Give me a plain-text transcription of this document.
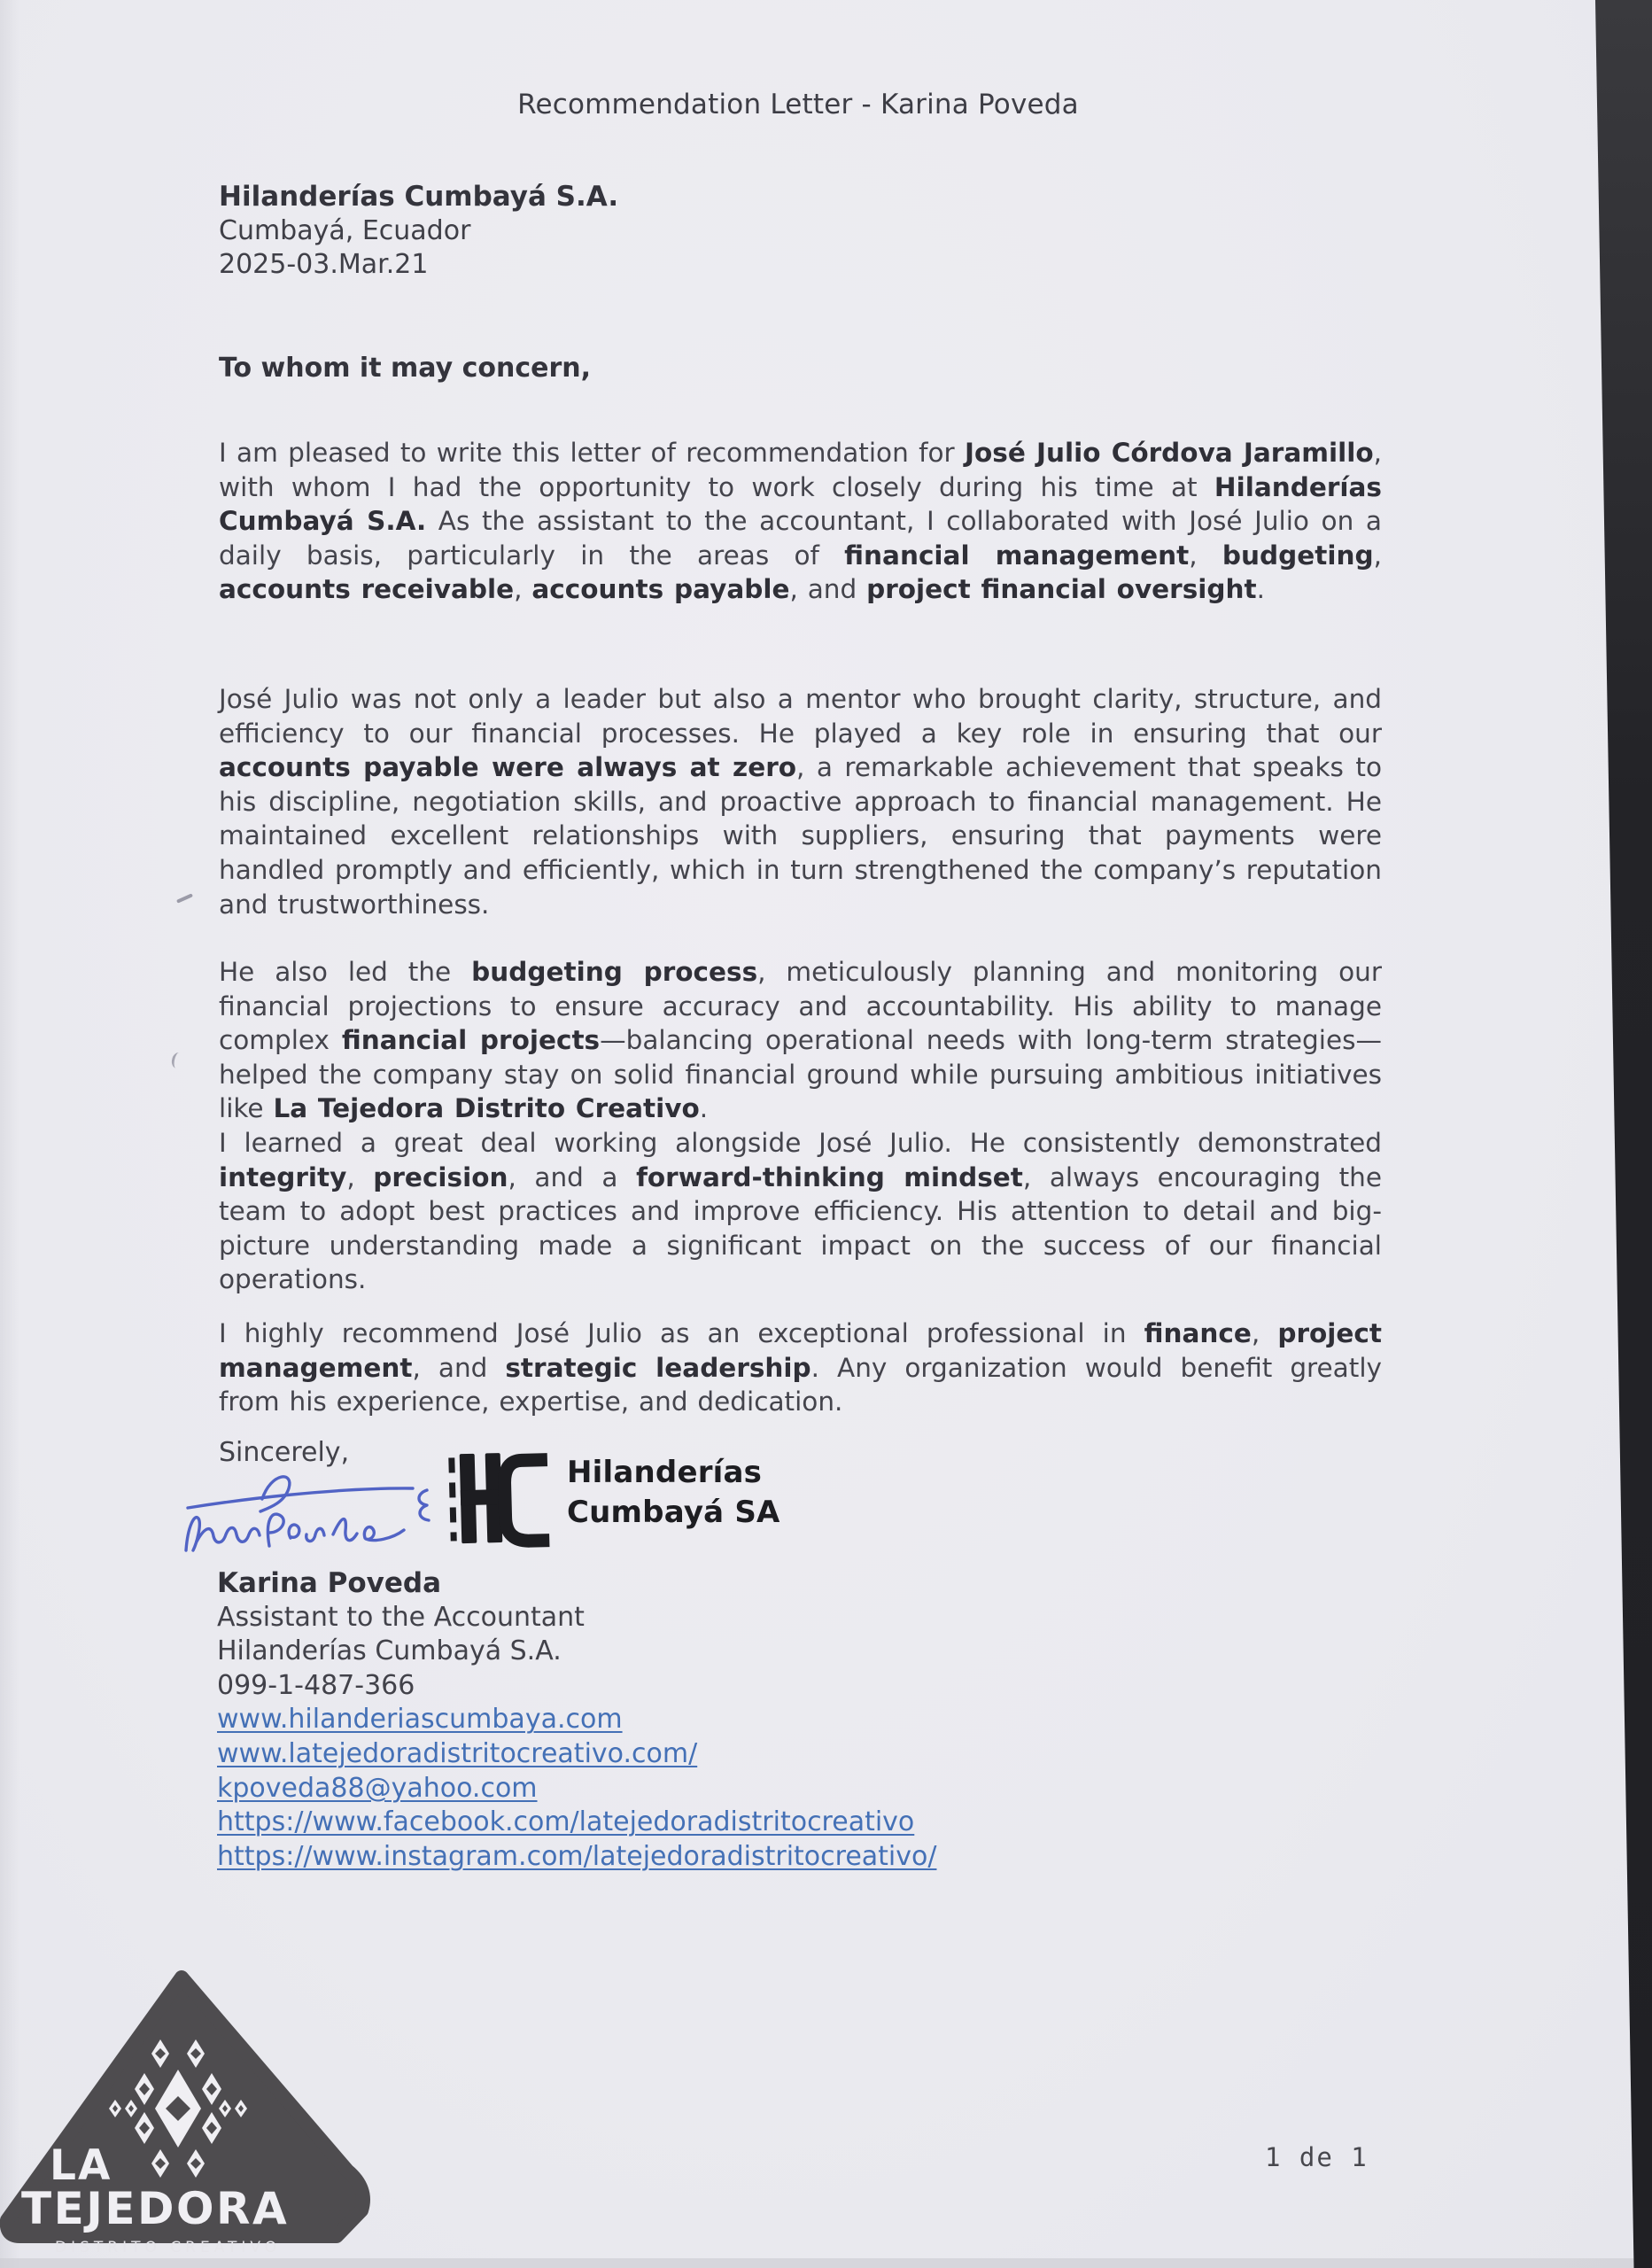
Recommendation Letter - Karina Poveda
Hilanderías Cumbayá S.A.
Cumbayá, Ecuador
2025-03.Mar.21
To whom it may concern,
I am pleased to write this letter of recommendation for José Julio Córdova Jaramillo, with whom I had the opportunity to work closely during his time at Hilanderías Cumbayá S.A. As the assistant to the accountant, I collaborated with José Julio on a daily basis, particularly in the areas of financial management, budgeting, accounts receivable, accounts payable, and project financial oversight.
José Julio was not only a leader but also a mentor who brought clarity, structure, and efficiency to our financial processes. He played a key role in ensuring that our accounts payable were always at zero, a remarkable achievement that speaks to his discipline, negotiation skills, and proactive approach to financial management. He maintained excellent relationships with suppliers, ensuring that payments were handled promptly and efficiently, which in turn strengthened the company’s reputation and trustworthiness.
He also led the budgeting process, meticulously planning and monitoring our financial projections to ensure accuracy and accountability. His ability to manage complex financial projects—balancing operational needs with long-term strategies—helped the company stay on solid financial ground while pursuing ambitious initiatives like La Tejedora Distrito Creativo.
I learned a great deal working alongside José Julio. He consistently demonstrated integrity, precision, and a forward-thinking mindset, always encouraging the team to adopt best practices and improve efficiency. His attention to detail and big-picture understanding made a significant impact on the success of our financial operations.
I highly recommend José Julio as an exceptional professional in finance, project management, and strategic leadership. Any organization would benefit greatly from his experience, expertise, and dedication.
Sincerely,
Hilanderías
Cumbayá SA
Karina Poveda
Assistant to the Accountant
Hilanderías Cumbayá S.A.
099-1-487-366
www.hilanderiascumbaya.com
www.latejedoradistritocreativo.com/
kpoveda88@yahoo.com
https://www.facebook.com/latejedoradistritocreativo
https://www.instagram.com/latejedoradistritocreativo/
LA
TEJEDORA
DISTRITO CREATIVO
1 de 1
